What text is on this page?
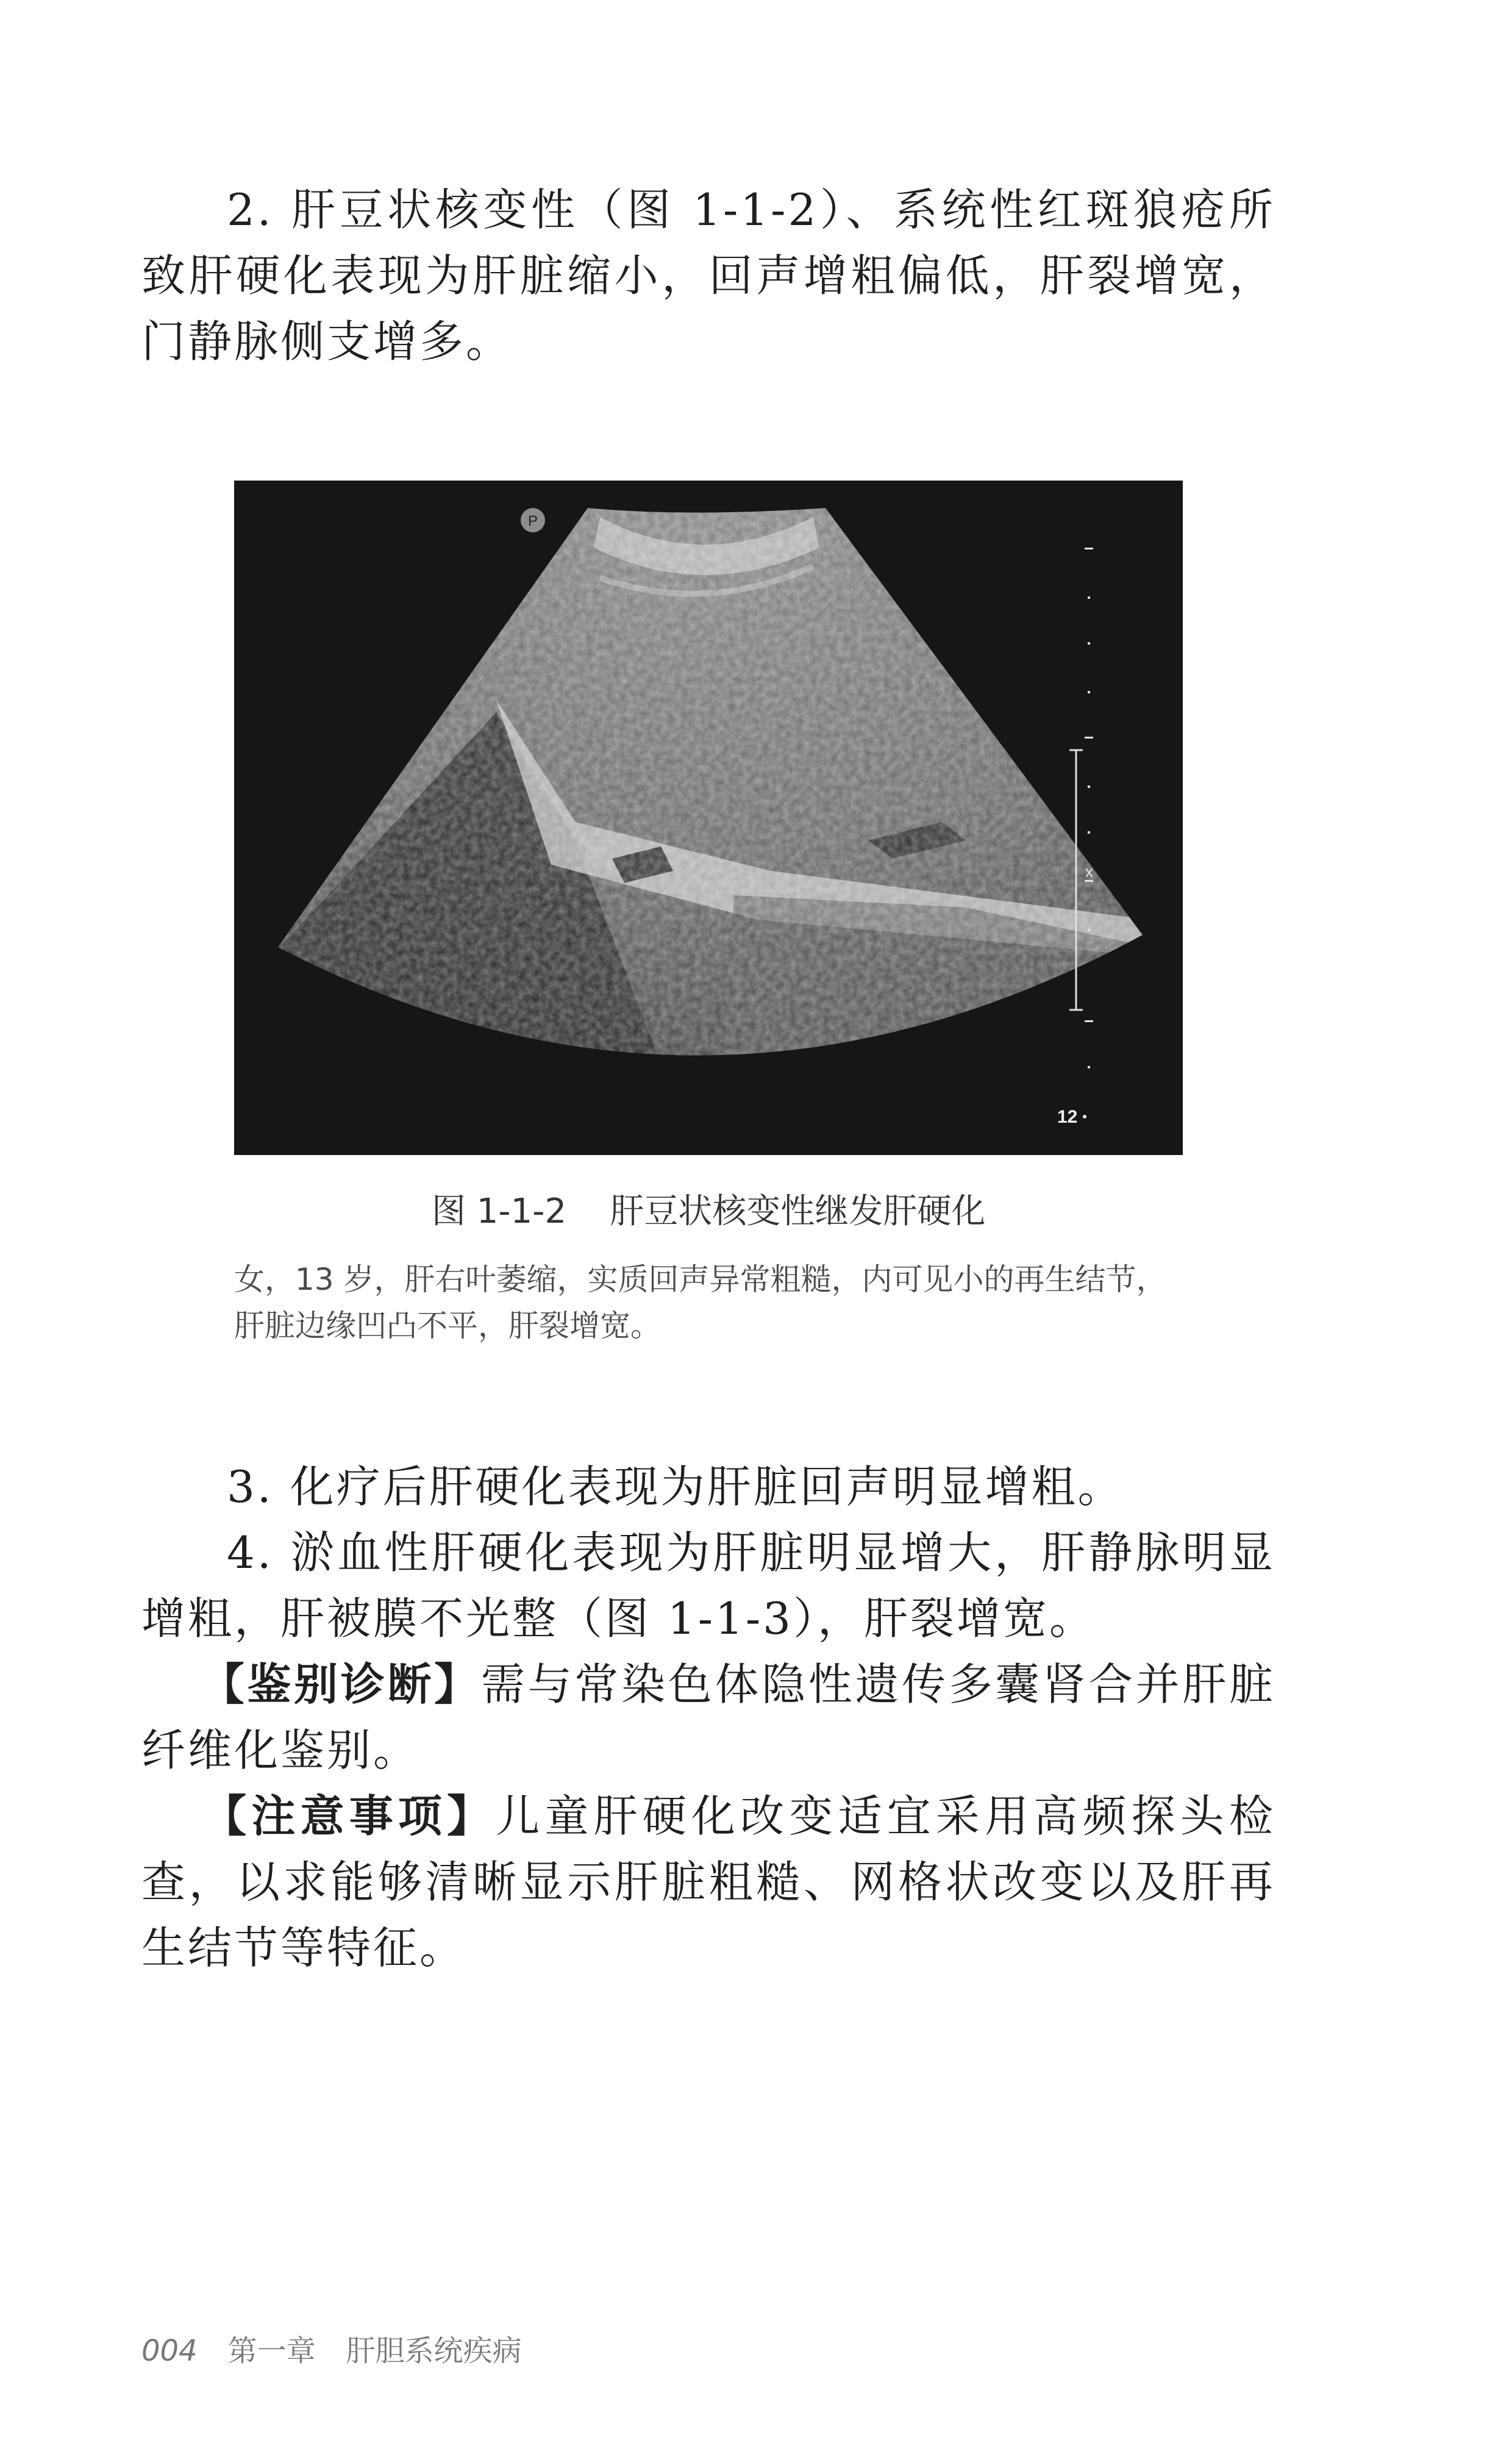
2. 肝豆状核变性（图 1-1-2）、系统性红斑狼疮所致肝硬化表现为肝脏缩小，回声增粗偏低，肝裂增宽，门静脉侧支增多。

P
x
12
图 1-1-2 肝豆状核变性继发肝硬化

女，13 岁，肝右叶萎缩，实质回声异常粗糙，内可见小的再生结节，肝脏边缘凹凸不平，肝裂增宽。

3. 化疗后肝硬化表现为肝脏回声明显增粗。

4. 淤血性肝硬化表现为肝脏明显增大，肝静脉明显增粗，肝被膜不光整（图 1-1-3），肝裂增宽。

【鉴别诊断】需与常染色体隐性遗传多囊肾合并肝脏纤维化鉴别。

【注意事项】儿童肝硬化改变适宜采用高频探头检查，以求能够清晰显示肝脏粗糙、网格状改变以及肝再生结节等特征。

004 第一章 肝胆系统疾病
